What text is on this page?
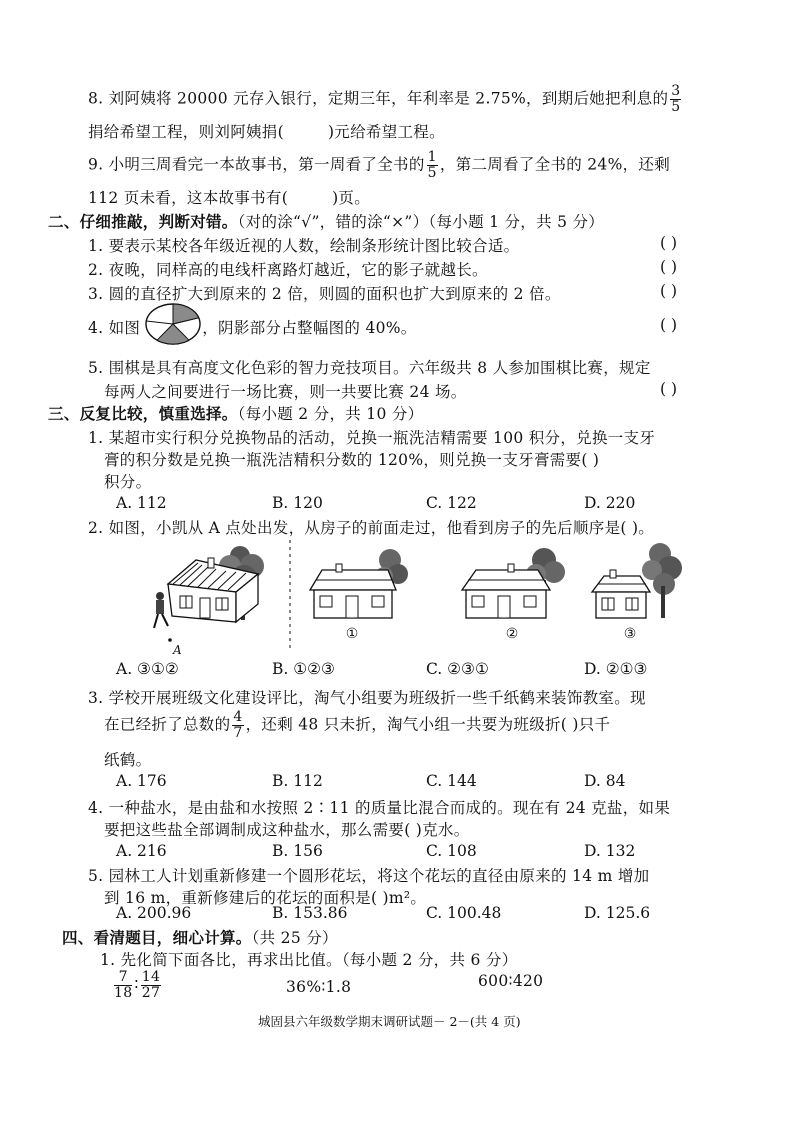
8. 刘阿姨将 20000 元存入银行，定期三年，年利率是 2.75%，到期后她把利息的 $\frac{3}{5}$
捐给希望工程，则刘阿姨捐(	)元给希望工程。
9. 小明三周看完一本故事书，第一周看了全书的 $\frac{1}{5}$ ，第二周看了全书的 24%，还剩
112 页未看，这本故事书有(	)页。
二、仔细推敲，判断对错。（对的涂“√”，错的涂“×”）（每小题 1 分，共 5 分）
1. 要表示某校各年级近视的人数，绘制条形统计图比较合适。	( )
2. 夜晚，同样高的电线杆离路灯越近，它的影子就越长。	( )
3. 圆的直径扩大到原来的 2 倍，则圆的面积也扩大到原来的 2 倍。	( )
4. 如图	，阴影部分占整幅图的 40%。	( )
5. 围棋是具有高度文化色彩的智力竞技项目。六年级共 8 人参加围棋比赛，规定
每两人之间要进行一场比赛，则一共要比赛 24 场。	( )
三、反复比较，慎重选择。（每小题 2 分，共 10 分）
1. 某超市实行积分兑换物品的活动，兑换一瓶洗洁精需要 100 积分，兑换一支牙
膏的积分数是兑换一瓶洗洁精积分数的 120%，则兑换一支牙膏需要( )
积分。
A. 112	B. 120	C. 122	D. 220
2. 如图，小凯从 A 点处出发，从房子的前面走过，他看到房子的先后顺序是( )。
A
①	②	③
A. ③①②	B. ①②③	C. ②③①	D. ②①③
3. 学校开展班级文化建设评比，淘气小组要为班级折一些千纸鹤来装饰教室。现
在已经折了总数的 $\frac{4}{7}$ ，还剩 48 只未折，淘气小组一共要为班级折( )只千
纸鹤。
A. 176	B. 112	C. 144	D. 84
4. 一种盐水，是由盐和水按照 2∶11 的质量比混合而成的。现在有 24 克盐，如果
要把这些盐全部调制成这种盐水，那么需要( )克水。
A. 216	B. 156	C. 108	D. 132
5. 园林工人计划重新修建一个圆形花坛，将这个花坛的直径由原来的 14 m 增加
到 16 m，重新修建后的花坛的面积是( )m²。
A. 200.96	B. 153.86	C. 100.48	D. 125.6
四、看清题目，细心计算。（共 25 分）
1. 先化简下面各比，再求出比值。（每小题 2 分，共 6 分）
$\frac{7}{18}$ ∶ $\frac{14}{27}$	36%∶1.8	600∶420
城固县六年级数学期末调研试题－ 2－(共 4 页)
